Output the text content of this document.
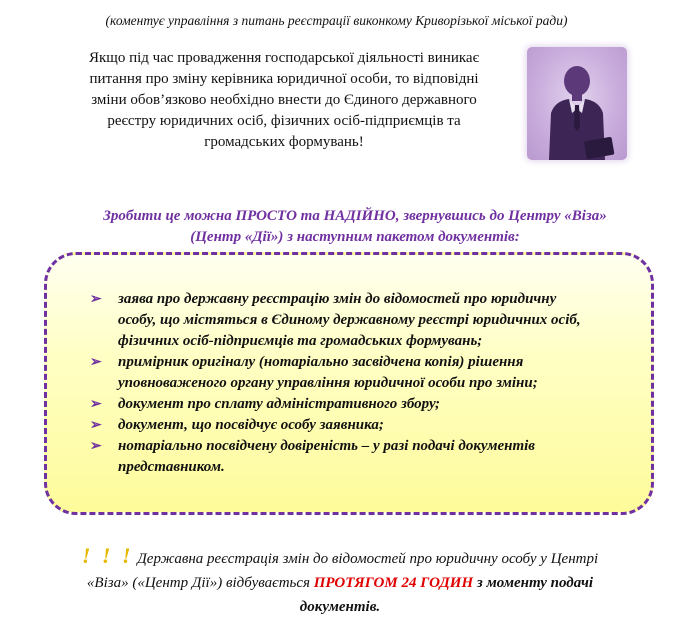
(коментує управління з питань реєстрації виконкому Криворізької міської ради)
Якщо під час провадження господарської діяльності виникає
питання про зміну керівника юридичної особи, то відповідні
зміни обов’язково необхідно внести до Єдиного державного
реєстру юридичних осіб, фізичних осіб-підприємців та
громадських формувань!
Зробити це можна ПРОСТО та НАДІЙНО, звернувшись до Центру «Віза»
(Центр «Дії») з наступним пакетом документів:
➢ заява про державну реєстрацію змін до відомостей про юридичну
особу, що містяться в Єдиному державному реєстрі юридичних осіб,
фізичних осіб-підприємців та громадських формувань;
➢ примірник оригіналу (нотаріально засвідчена копія) рішення
уповноваженого органу управління юридичної особи про зміни;
➢ документ про сплату адміністративного збору;
➢ документ, що посвідчує особу заявника;
➢ нотаріально посвідчену довіреність – у разі подачі документів
представником.
! ! ! Державна реєстрація змін до відомостей про юридичну особу у Центрі
«Віза» («Центр Дії») відбувається ПРОТЯГОМ 24 ГОДИН з моменту подачі
документів.
